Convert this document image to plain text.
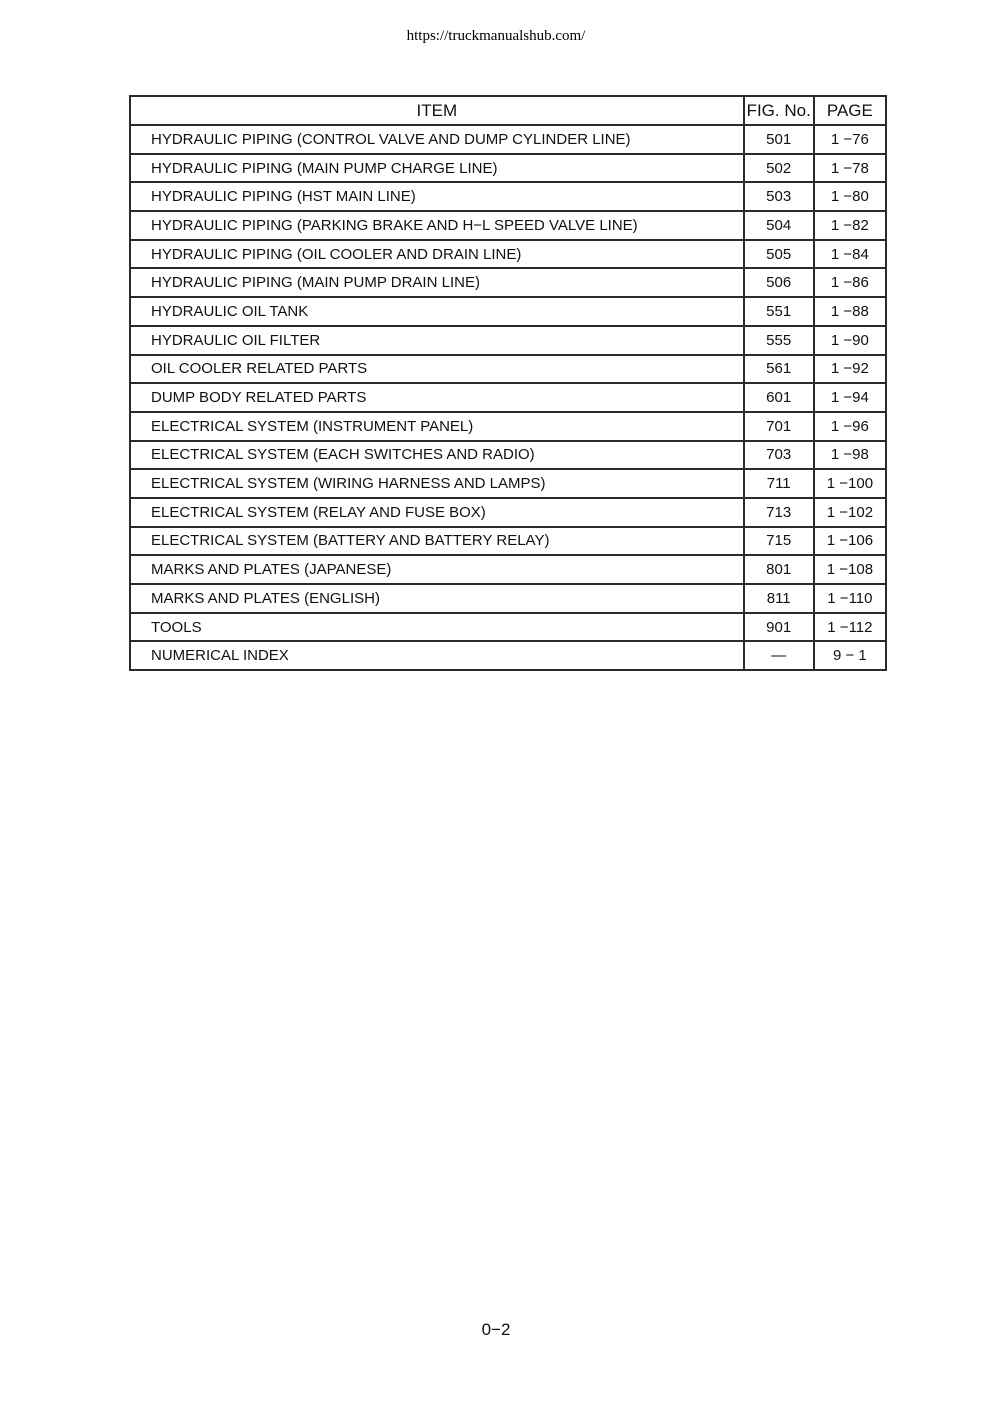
https://truckmanualshub.com/
ITEM	FIG. No.	PAGE
HYDRAULIC PIPING (CONTROL VALVE AND DUMP CYLINDER LINE)	501	1 −76
HYDRAULIC PIPING (MAIN PUMP CHARGE LINE)	502	1 −78
HYDRAULIC PIPING (HST MAIN LINE)	503	1 −80
HYDRAULIC PIPING (PARKING BRAKE AND H−L SPEED VALVE LINE)	504	1 −82
HYDRAULIC PIPING (OIL COOLER AND DRAIN LINE)	505	1 −84
HYDRAULIC PIPING (MAIN PUMP DRAIN LINE)	506	1 −86
HYDRAULIC OIL TANK	551	1 −88
HYDRAULIC OIL FILTER	555	1 −90
OIL COOLER RELATED PARTS	561	1 −92
DUMP BODY RELATED PARTS	601	1 −94
ELECTRICAL SYSTEM (INSTRUMENT PANEL)	701	1 −96
ELECTRICAL SYSTEM (EACH SWITCHES AND RADIO)	703	1 −98
ELECTRICAL SYSTEM (WIRING HARNESS AND LAMPS)	711	1 −100
ELECTRICAL SYSTEM (RELAY AND FUSE BOX)	713	1 −102
ELECTRICAL SYSTEM (BATTERY AND BATTERY RELAY)	715	1 −106
MARKS AND PLATES (JAPANESE)	801	1 −108
MARKS AND PLATES (ENGLISH)	811	1 −110
TOOLS	901	1 −112
NUMERICAL INDEX	—	9 − 1
0−2
